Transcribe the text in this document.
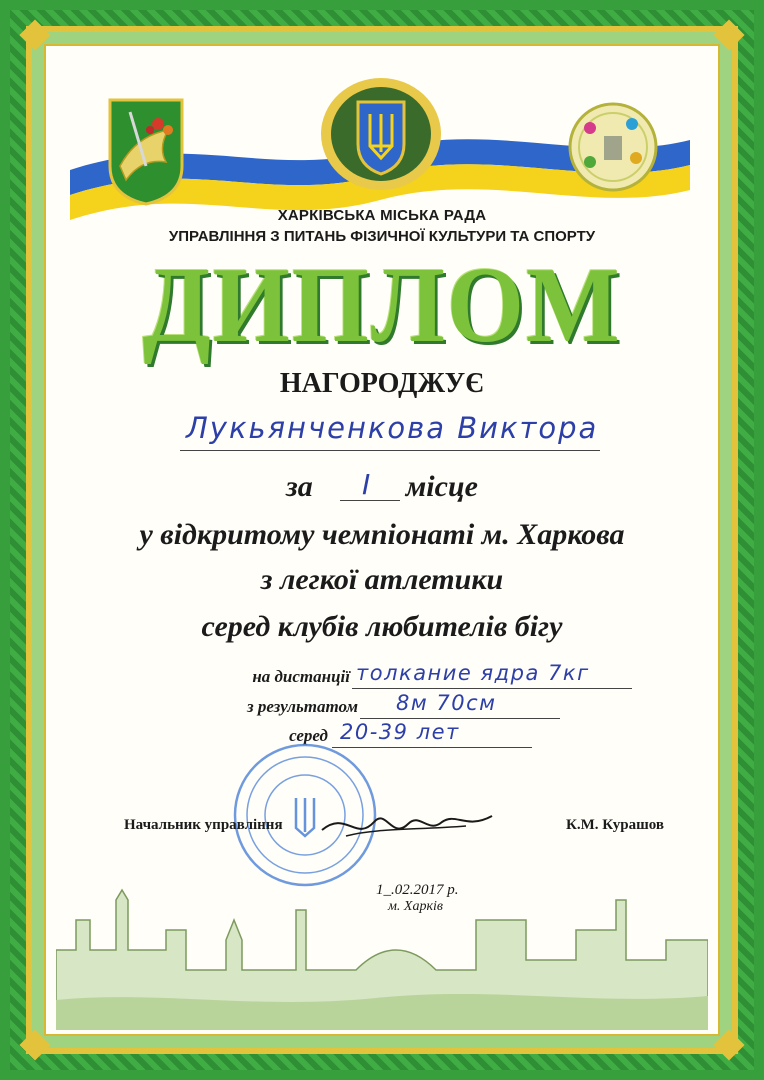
ХАРКІВСЬКА МІСЬКА РАДА
УПРАВЛІННЯ З ПИТАНЬ ФІЗИЧНОЇ КУЛЬТУРИ ТА СПОРТУ
ДИПЛОМ
НАГОРОДЖУЄ
Лукьянченкова Виктора
за	місце
I
у відкритому чемпіонаті м. Харкова
з легкої атлетики
серед клубів любителів бігу
на дистанції толкание ядра 7кг
з результатом 8м 70см
серед 20-39 лет
Начальник управління	К.М. Курашов
1_.02.2017 р.
м. Харків
